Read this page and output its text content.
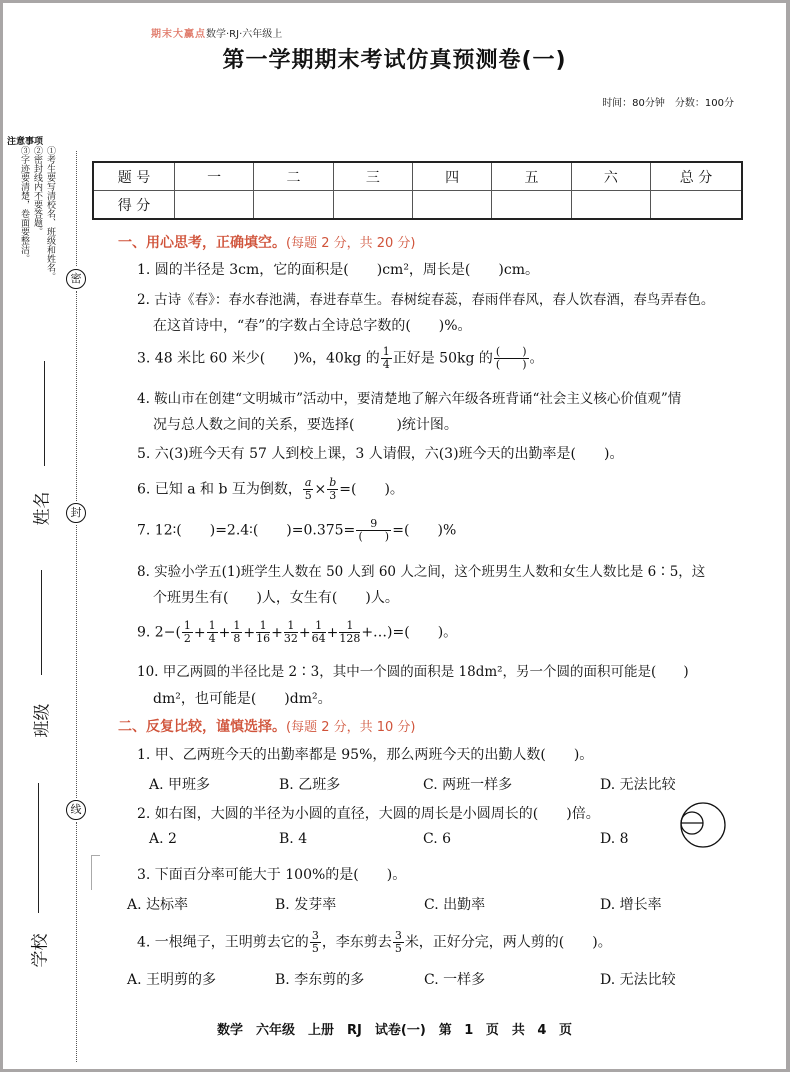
期末大赢点 数学·RJ·六年级上
第一学期期末考试仿真预测卷(一)
时间：80分钟　分数：100分
注意事项
①考生要写清校名、班级和姓名。
②密封线内不要答题。
③字迹要清楚，卷面要整洁。
密
封
线
姓名
班级
学校
题 号	一	二	三	四	五	六	总 分
得 分							
一、用心思考，正确填空。(每题 2 分，共 20 分)
1. 圆的半径是 3cm，它的面积是(　　)cm²，周长是(　　)cm。
2. 古诗《春》：春水春池满，春进春草生。春树绽春蕊，春雨伴春风，春人饮春酒，春鸟弄春色。
在这首诗中，“春”的字数占全诗总字数的(　　)%。
3. 48 米比 60 米少(　　)%，40kg 的 $\frac{1}{4}$ 正好是 50kg 的 $\frac{( )}{( )}$ 。
4. 鞍山市在创建“文明城市”活动中，要清楚地了解六年级各班背诵“社会主义核心价值观”情
况与总人数之间的关系，要选择(　　　)统计图。
5. 六(3)班今天有 57 人到校上课，3 人请假，六(3)班今天的出勤率是(　　)。
6. 已知 a 和 b 互为倒数， $\frac{a}{5} \times \frac{b}{3}$ =(　　)。
7. 12∶(　　)=2.4∶(　　)$=0.375= \frac{9}{( )}$ =(　　)%
8. 实验小学五(1)班学生人数在 50 人到 60 人之间，这个班男生人数和女生人数比是 6∶5，这
个班男生有(　　)人，女生有(　　)人。
9. $2-( \frac{1}{2} + \frac{1}{4} + \frac{1}{8} + \frac{1}{16} + \frac{1}{32} + \frac{1}{64} + \frac{1}{128}$ +…)=(　　)。
10. 甲乙两圆的半径比是 2∶3，其中一个圆的面积是 18dm²，另一个圆的面积可能是(　　)
dm²，也可能是(　　)dm²。
二、反复比较，谨慎选择。(每题 2 分，共 10 分)
1. 甲、乙两班今天的出勤率都是 95%，那么两班今天的出勤人数(　　)。
A. 甲班多	B. 乙班多	C. 两班一样多	D. 无法比较
2. 如右图，大圆的半径为小圆的直径，大圆的周长是小圆周长的(　　)倍。
A. 2	B. 4	C. 6	D. 8
3. 下面百分率可能大于 100%的是(　　)。
A. 达标率	B. 发芽率	C. 出勤率	D. 增长率
4. 一根绳子，王明剪去它的 $\frac{3}{5}$ ，李东剪去 $\frac{3}{5}$ 米，正好分完，两人剪的(　　)。
A. 王明剪的多	B. 李东剪的多	C. 一样多	D. 无法比较
数学　六年级　上册　RJ　试卷(一)　第 1 页　共 4 页
